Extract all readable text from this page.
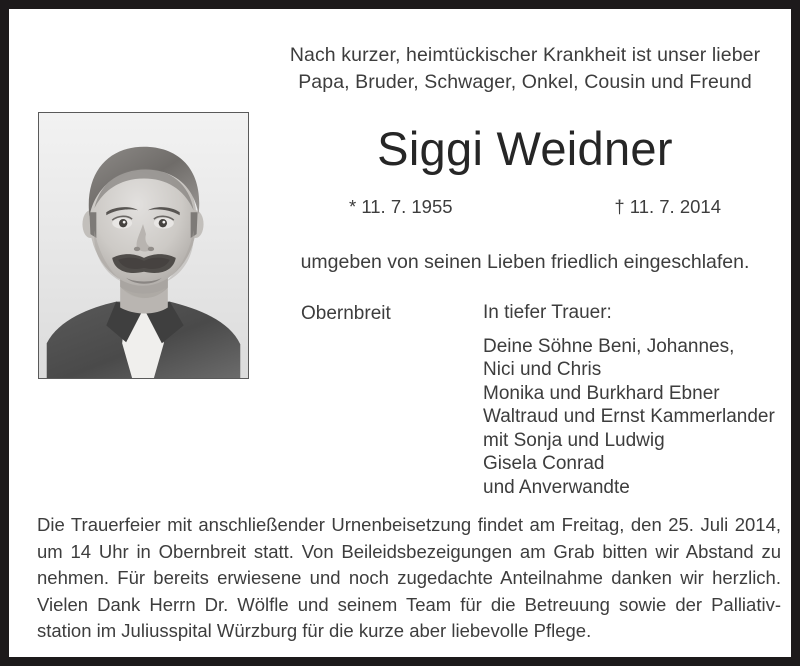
Nach kurzer, heimtückischer Krankheit ist unser lieber
Papa, Bruder, Schwager, Onkel, Cousin und Freund
Siggi Weidner
* 11. 7. 1955	† 11. 7. 2014
umgeben von seinen Lieben friedlich eingeschlafen.
Obernbreit	In tiefer Trauer:
Deine Söhne Beni, Johannes,
Nici und Chris
Monika und Burkhard Ebner
Waltraud und Ernst Kammerlander
mit Sonja und Ludwig
Gisela Conrad
und Anverwandte
Die Trauerfeier mit anschließender Urnenbeisetzung findet am Freitag, den 25. Juli 2014,
um 14 Uhr in Obernbreit statt. Von Beileidsbezeigungen am Grab bitten wir Abstand zu
nehmen. Für bereits erwiesene und noch zugedachte Anteilnahme danken wir herzlich.
Vielen Dank Herrn Dr. Wölfle und seinem Team für die Betreuung sowie der Palliativ-
station im Juliusspital Würzburg für die kurze aber liebevolle Pflege.
